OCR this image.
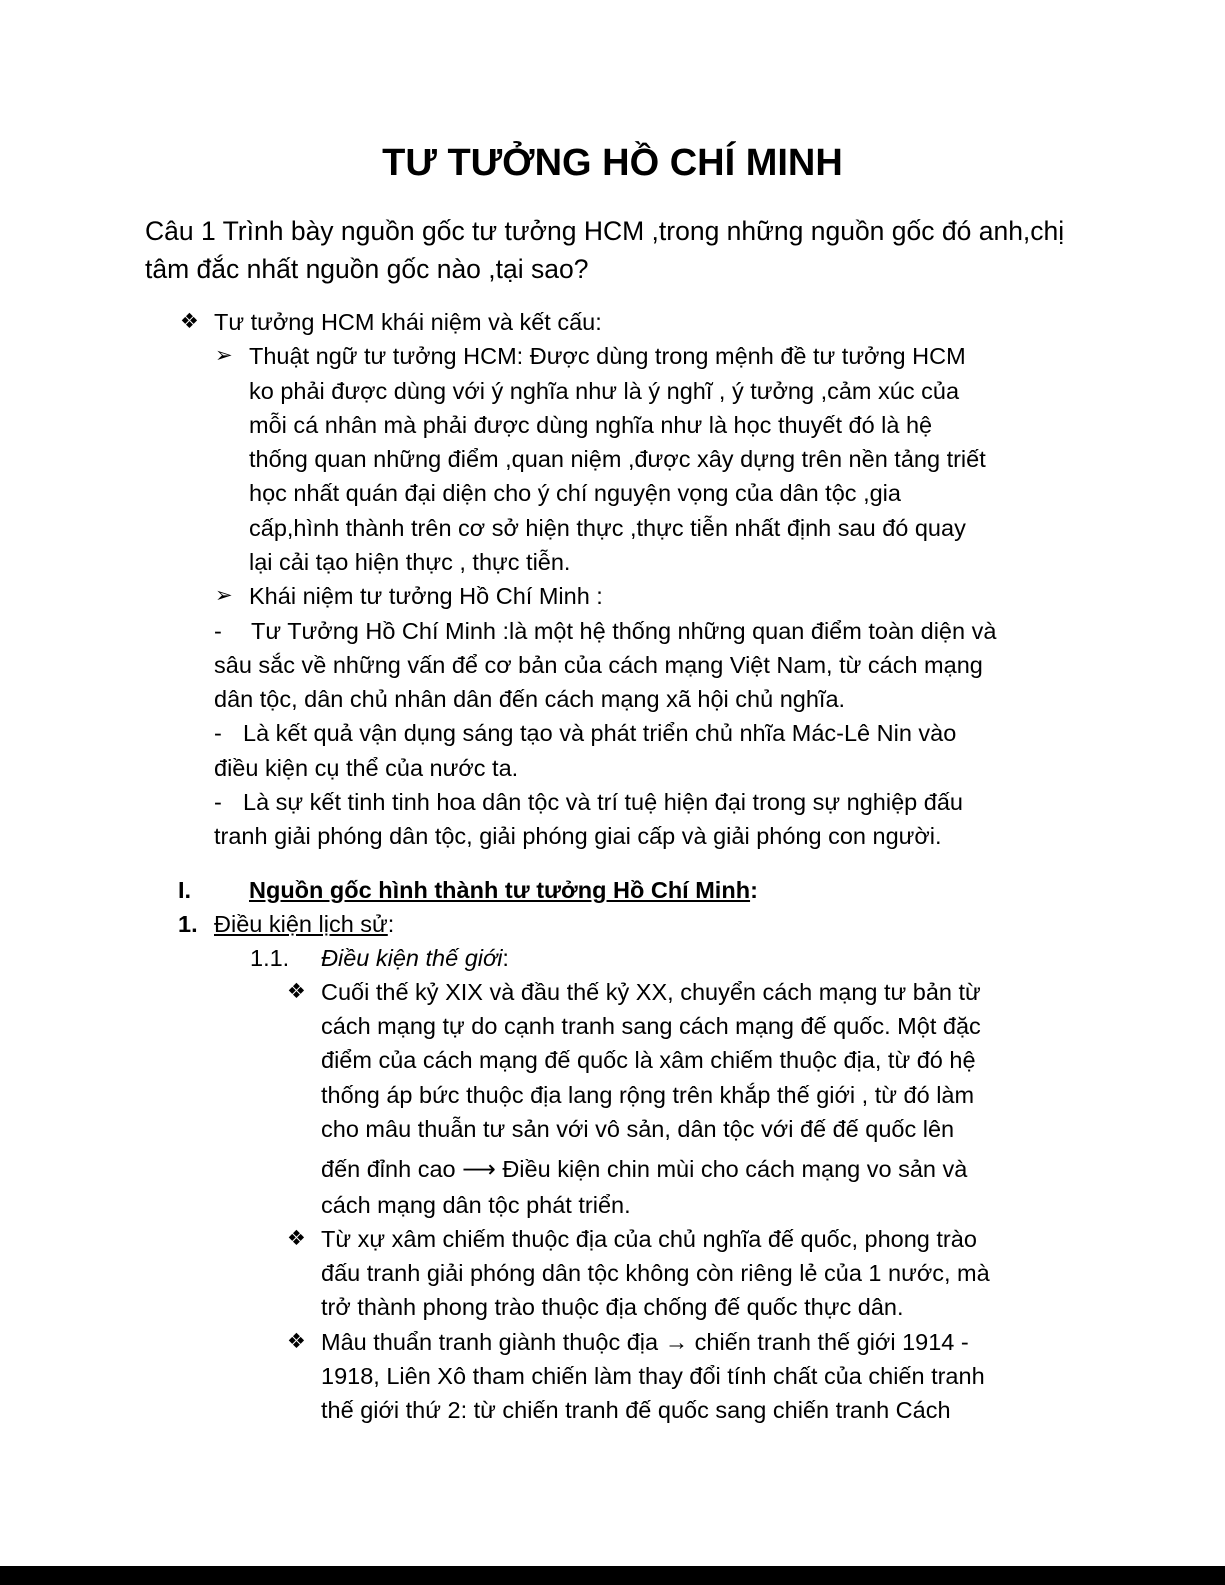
TƯ TƯỞNG HỒ CHÍ MINH
Câu 1 Trình bày nguồn gốc tư tưởng HCM ,trong những nguồn gốc đó anh,chị tâm đắc nhất nguồn gốc nào ,tại sao?
❖ Tư tưởng HCM khái niệm và kết cấu:
➢ Thuật ngữ tư tưởng HCM: Được dùng trong mệnh đề tư tưởng HCM
ko phải được dùng với ý nghĩa như là ý nghĩ , ý tưởng ,cảm xúc của
mỗi cá nhân mà phải được dùng nghĩa như là học thuyết đó là hệ
thống quan những điểm ,quan niệm ,được xây dựng trên nền tảng triết
học nhất quán đại diện cho ý chí nguyện vọng của dân tộc ,gia
cấp,hình thành trên cơ sở hiện thực ,thực tiễn nhất định sau đó quay
lại cải tạo hiện thực , thực tiễn.
➢ Khái niệm tư tưởng Hồ Chí Minh :
- Tư Tưởng Hồ Chí Minh :là một hệ thống những quan điểm toàn diện và
sâu sắc về những vấn để cơ bản của cách mạng Việt Nam, từ cách mạng
dân tộc, dân chủ nhân dân đến cách mạng xã hội chủ nghĩa.
- Là kết quả vận dụng sáng tạo và phát triển chủ nhĩa Mác-Lê Nin vào
điều kiện cụ thể của nước ta.
- Là sự kết tinh tinh hoa dân tộc và trí tuệ hiện đại trong sự nghiệp đấu
tranh giải phóng dân tộc, giải phóng giai cấp và giải phóng con người.
I. Nguồn gốc hình thành tư tưởng Hồ Chí Minh:
1. Điều kiện lịch sử:
1.1. Điều kiện thế giới:
❖ Cuối thế kỷ XIX và đầu thế kỷ XX, chuyển cách mạng tư bản từ
cách mạng tự do cạnh tranh sang cách mạng đế quốc. Một đặc
điểm của cách mạng đế quốc là xâm chiếm thuộc địa, từ đó hệ
thống áp bức thuộc địa lang rộng trên khắp thế giới , từ đó làm
cho mâu thuẫn tư sản với vô sản, dân tộc với đế đế quốc lên
đến đỉnh cao ⟶ Điều kiện chin mùi cho cách mạng vo sản và
cách mạng dân tộc phát triển.
❖ Từ xự xâm chiếm thuộc địa của chủ nghĩa đế quốc, phong trào
đấu tranh giải phóng dân tộc không còn riêng lẻ của 1 nước, mà
trở thành phong trào thuộc địa chống đế quốc thực dân.
❖ Mâu thuẩn tranh giành thuộc địa → chiến tranh thế giới 1914 -
1918, Liên Xô tham chiến làm thay đổi tính chất của chiến tranh
thế giới thứ 2: từ chiến tranh đế quốc sang chiến tranh Cách
